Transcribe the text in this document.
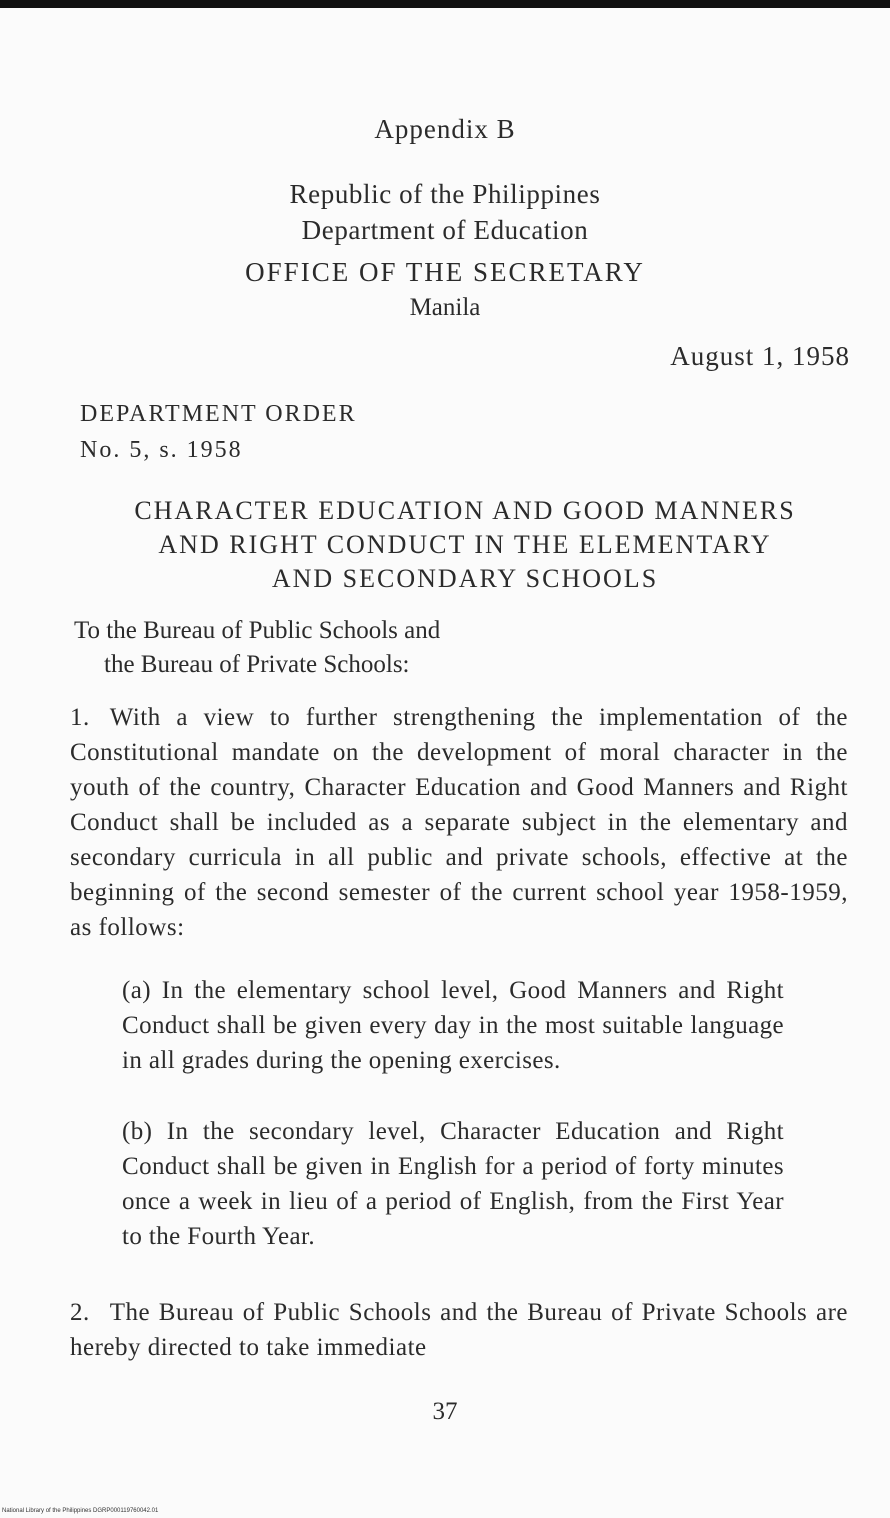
Appendix B
Republic of the Philippines
Department of Education
OFFICE OF THE SECRETARY
Manila
August 1, 1958
DEPARTMENT ORDER
No. 5, s. 1958
CHARACTER EDUCATION AND GOOD MANNERS
AND RIGHT CONDUCT IN THE ELEMENTARY
AND SECONDARY SCHOOLS
To the Bureau of Public Schools and
the Bureau of Private Schools:
1. With a view to further strengthening the implementation of the Constitutional mandate on the development of moral character in the youth of the country, Character Education and Good Manners and Right Conduct shall be included as a separate subject in the elementary and secondary curricula in all public and private schools, effective at the beginning of the second semester of the current school year 1958-1959, as follows:
(a) In the elementary school level, Good Manners and Right Conduct shall be given every day in the most suitable language in all grades during the opening exercises.
(b) In the secondary level, Character Education and Right Conduct shall be given in English for a period of forty minutes once a week in lieu of a period of English, from the First Year to the Fourth Year.
2. The Bureau of Public Schools and the Bureau of Private Schools are hereby directed to take immediate
37
National Library of the Philippines DGRP000119760042.01
